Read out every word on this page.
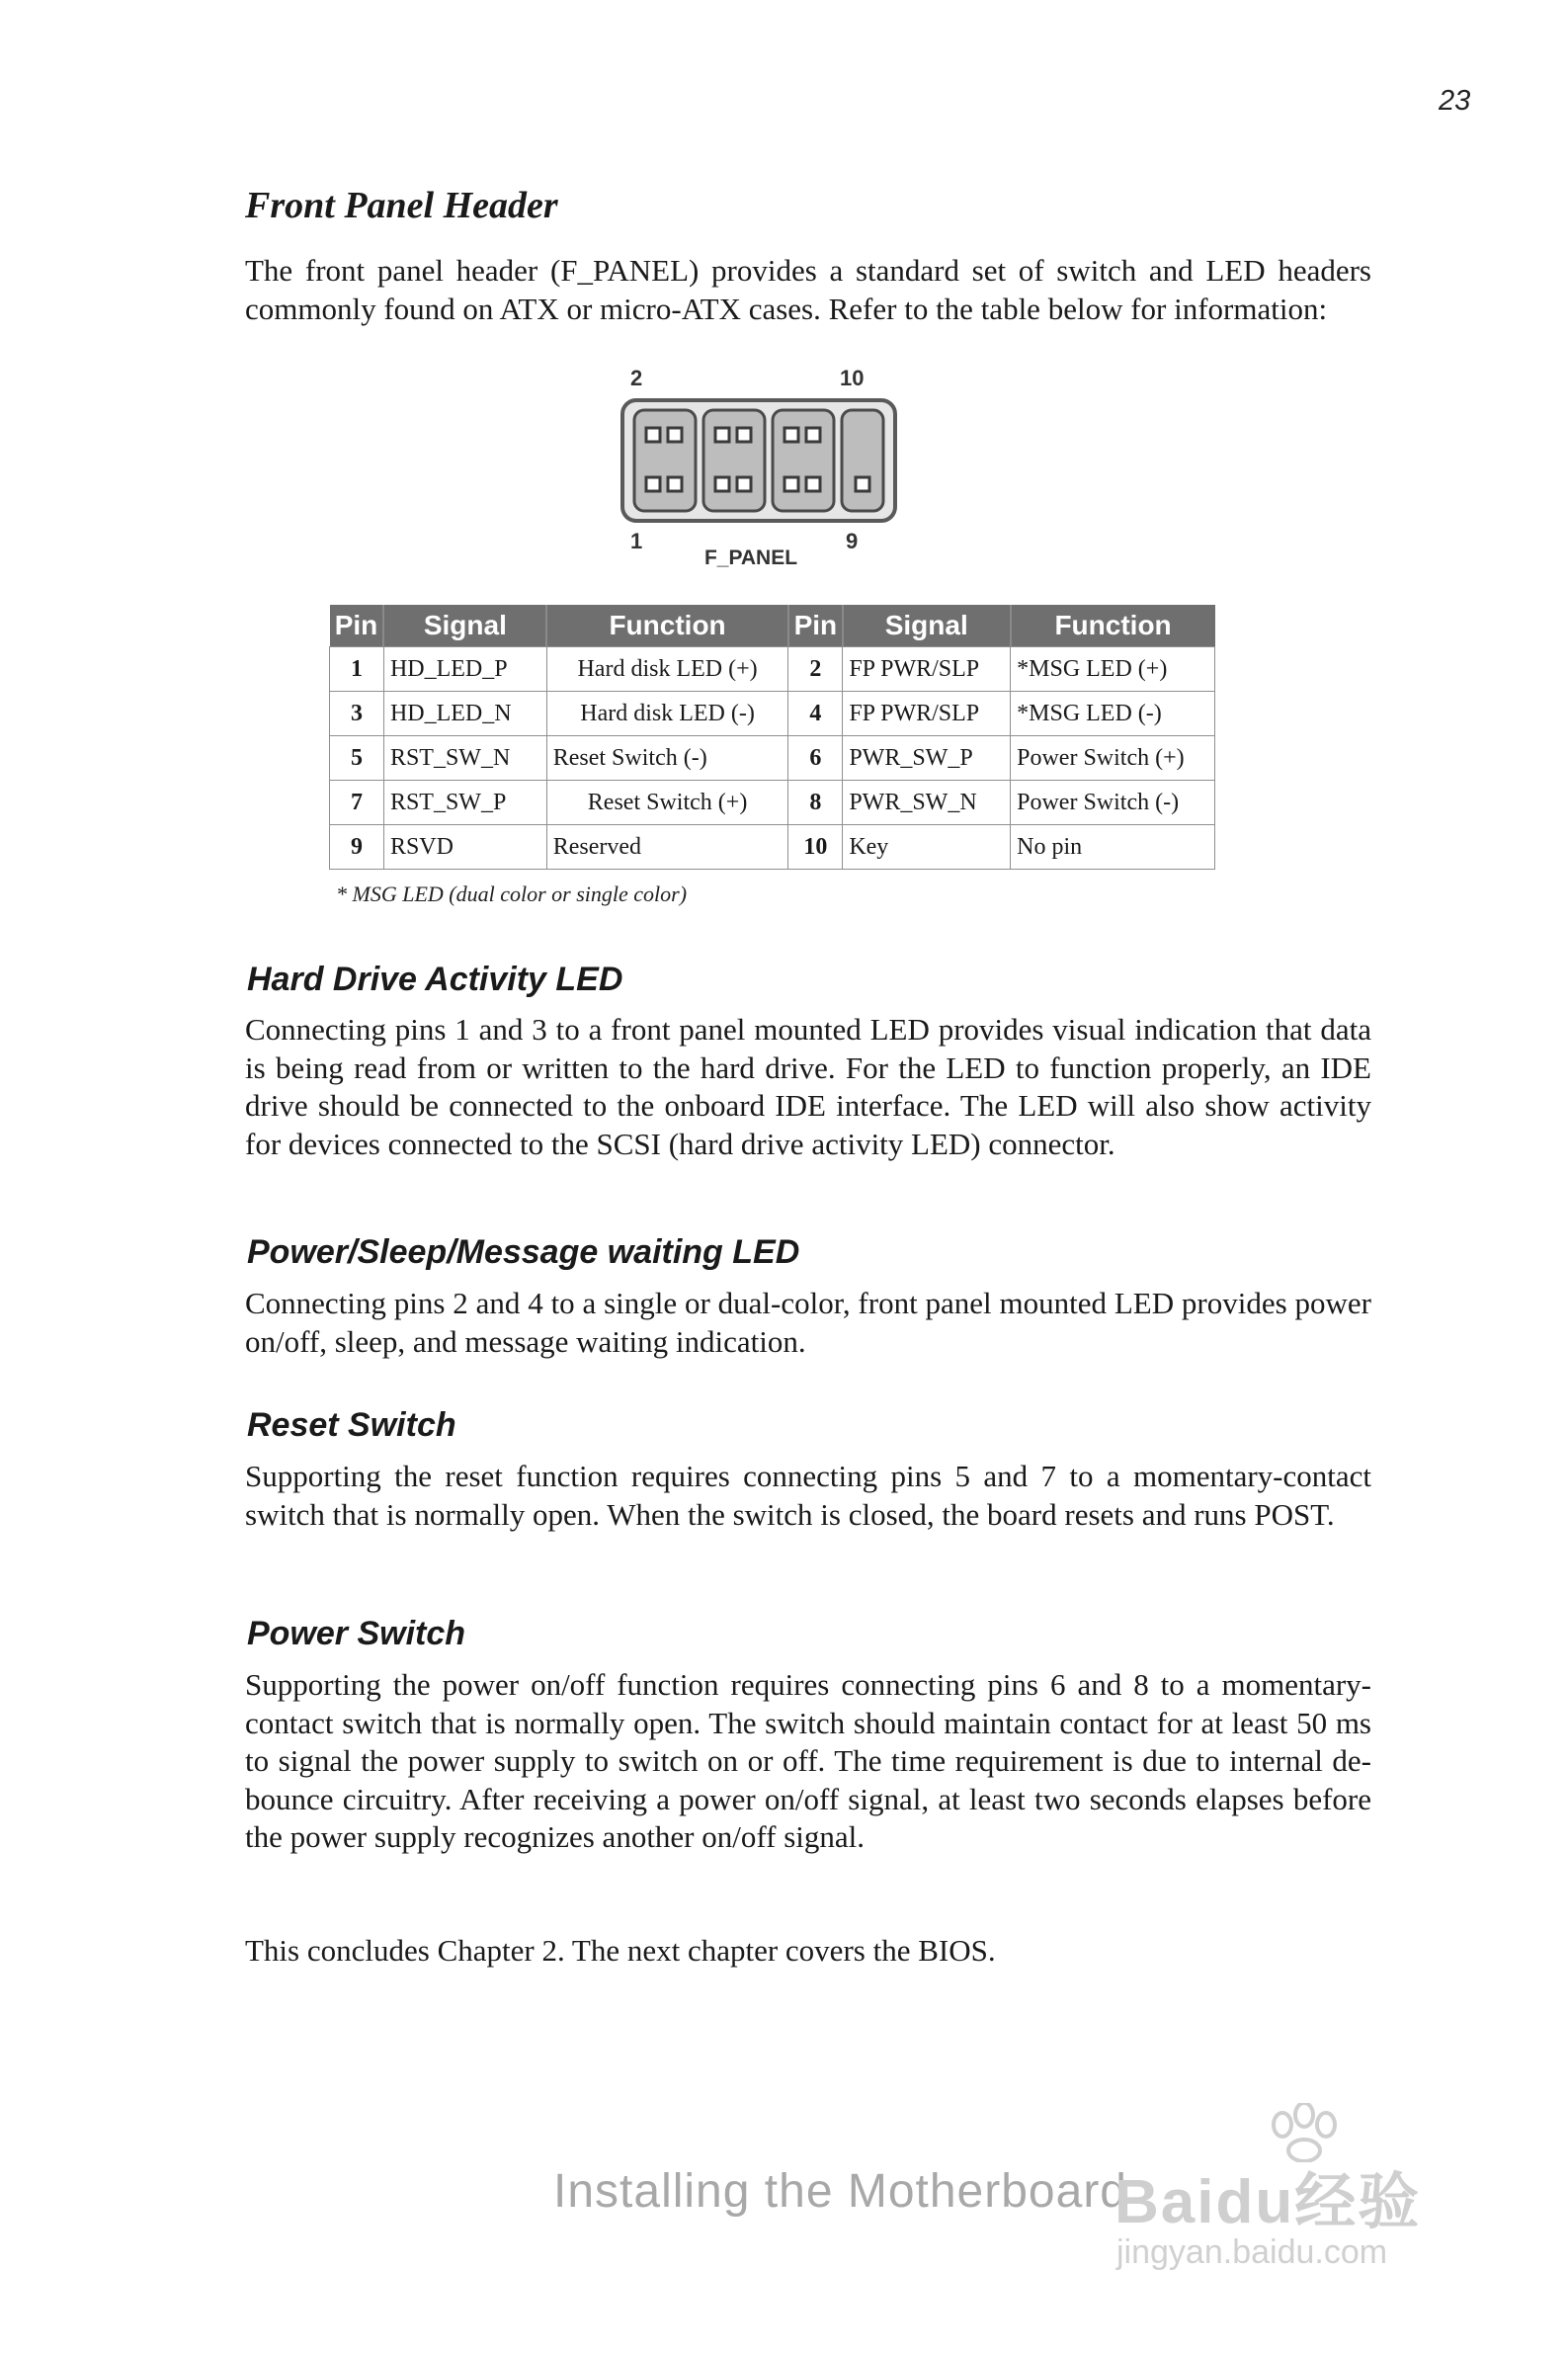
23
Front Panel Header

The front panel header (F_PANEL) provides a standard set of switch and LED headers commonly found on ATX or micro-ATX cases. Refer to the table below for information:

2	10
1	9
F_PANEL
Pin	Signal	Function	Pin	Signal	Function
1	HD_LED_P	Hard disk LED (+)	2	FP PWR/SLP	*MSG LED (+)
3	HD_LED_N	Hard disk LED (-)	4	FP PWR/SLP	*MSG LED (-)
5	RST_SW_N	Reset Switch (-)	6	PWR_SW_P	Power Switch (+)
7	RST_SW_P	Reset Switch (+)	8	PWR_SW_N	Power Switch (-)
9	RSVD	Reserved	10	Key	No pin
* MSG LED (dual color or single color)
Hard Drive Activity LED

Connecting pins 1 and 3 to a front panel mounted LED provides visual indication that data is being read from or written to the hard drive. For the LED to function properly, an IDE drive should be connected to the onboard IDE interface. The LED will also show activity for devices connected to the SCSI (hard drive activity LED) connector.

Power/Sleep/Message waiting LED

Connecting pins 2 and 4 to a single or dual-color, front panel mounted LED provides power on/off, sleep, and message waiting indication.

Reset Switch

Supporting the reset function requires connecting pins 5 and 7 to a momentary-contact switch that is normally open. When the switch is closed, the board resets and runs POST.

Power Switch

Supporting the power on/off function requires connecting pins 6 and 8 to a momentary-contact switch that is normally open. The switch should maintain contact for at least 50 ms to signal the power supply to switch on or off. The time requirement is due to internal de-bounce circuitry. After receiving a power on/off signal, at least two seconds elapses before the power supply recognizes another on/off signal.

This concludes Chapter 2. The next chapter covers the BIOS.

Installing the Motherboard
Baidu经验
jingyan.baidu.com
